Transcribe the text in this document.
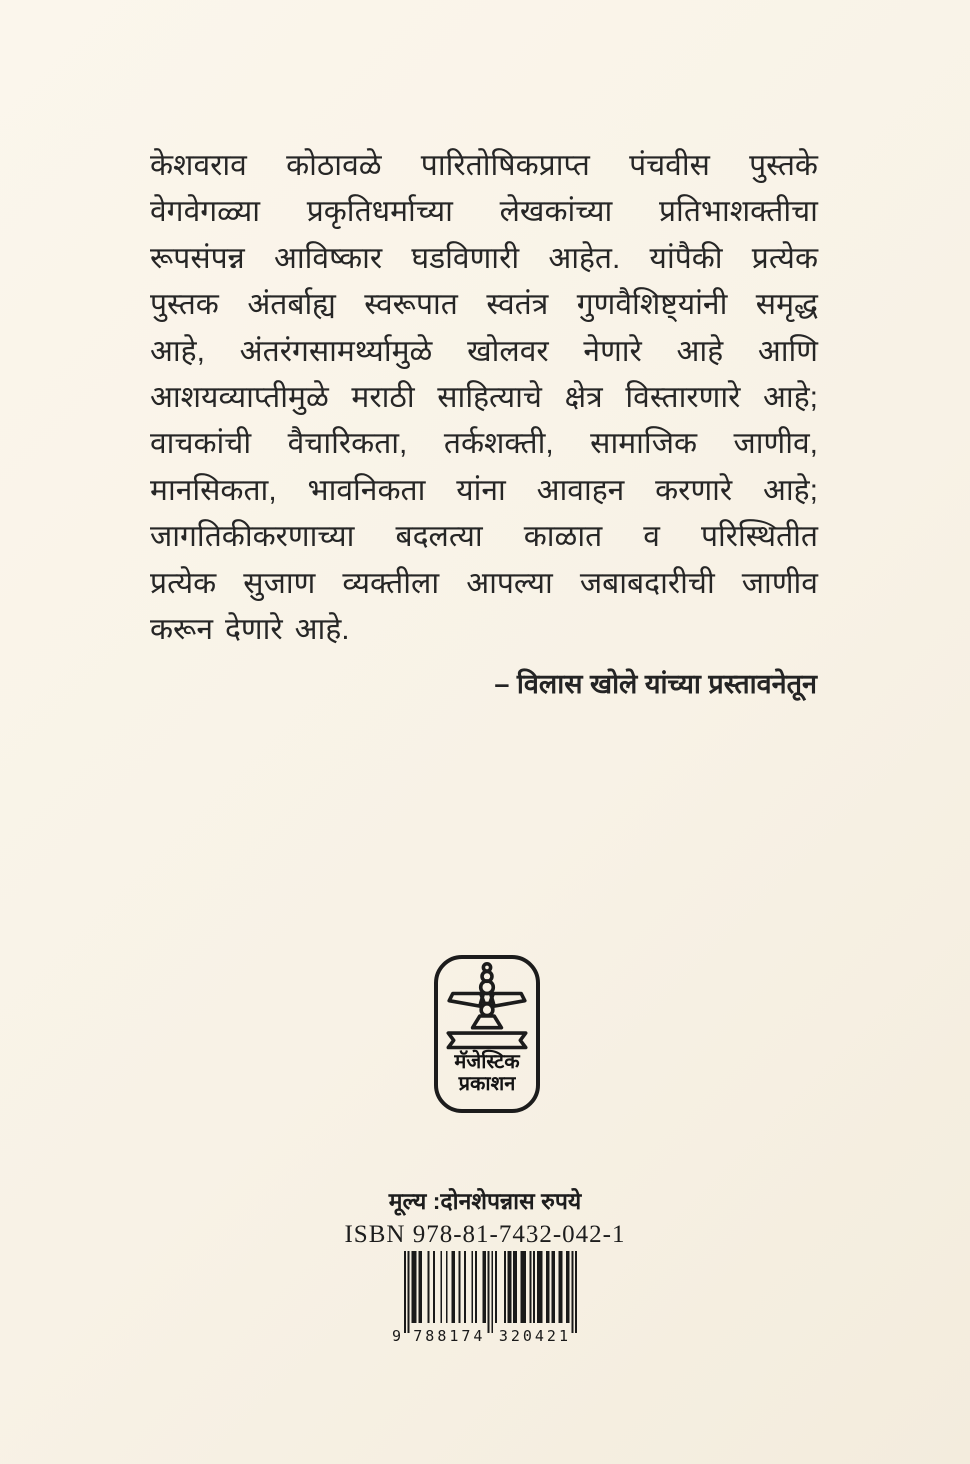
केशवराव कोठावळे पारितोषिकप्राप्त पंचवीस पुस्तके
वेगवेगळ्या प्रकृतिधर्माच्या लेखकांच्या प्रतिभाशक्तीचा
रूपसंपन्न आविष्कार घडविणारी आहेत. यांपैकी प्रत्येक
पुस्तक अंतर्बाह्य स्वरूपात स्वतंत्र गुणवैशिष्ट्यांनी समृद्ध
आहे, अंतरंगसामर्थ्यामुळे खोलवर नेणारे आहे आणि
आशयव्याप्तीमुळे मराठी साहित्याचे क्षेत्र विस्तारणारे आहे;
वाचकांची वैचारिकता, तर्कशक्ती, सामाजिक जाणीव,
मानसिकता, भावनिकता यांना आवाहन करणारे आहे;
जागतिकीकरणाच्या बदलत्या काळात व परिस्थितीत
प्रत्येक सुजाण व्यक्तीला आपल्या जबाबदारीची जाणीव
करून देणारे आहे.
– विलास खोले यांच्या प्रस्तावनेतून
मॅजेस्टिक
प्रकाशन
मूल्य :दोनशेपन्नास रुपये
ISBN 978-81-7432-042-1
9 788174 320421
